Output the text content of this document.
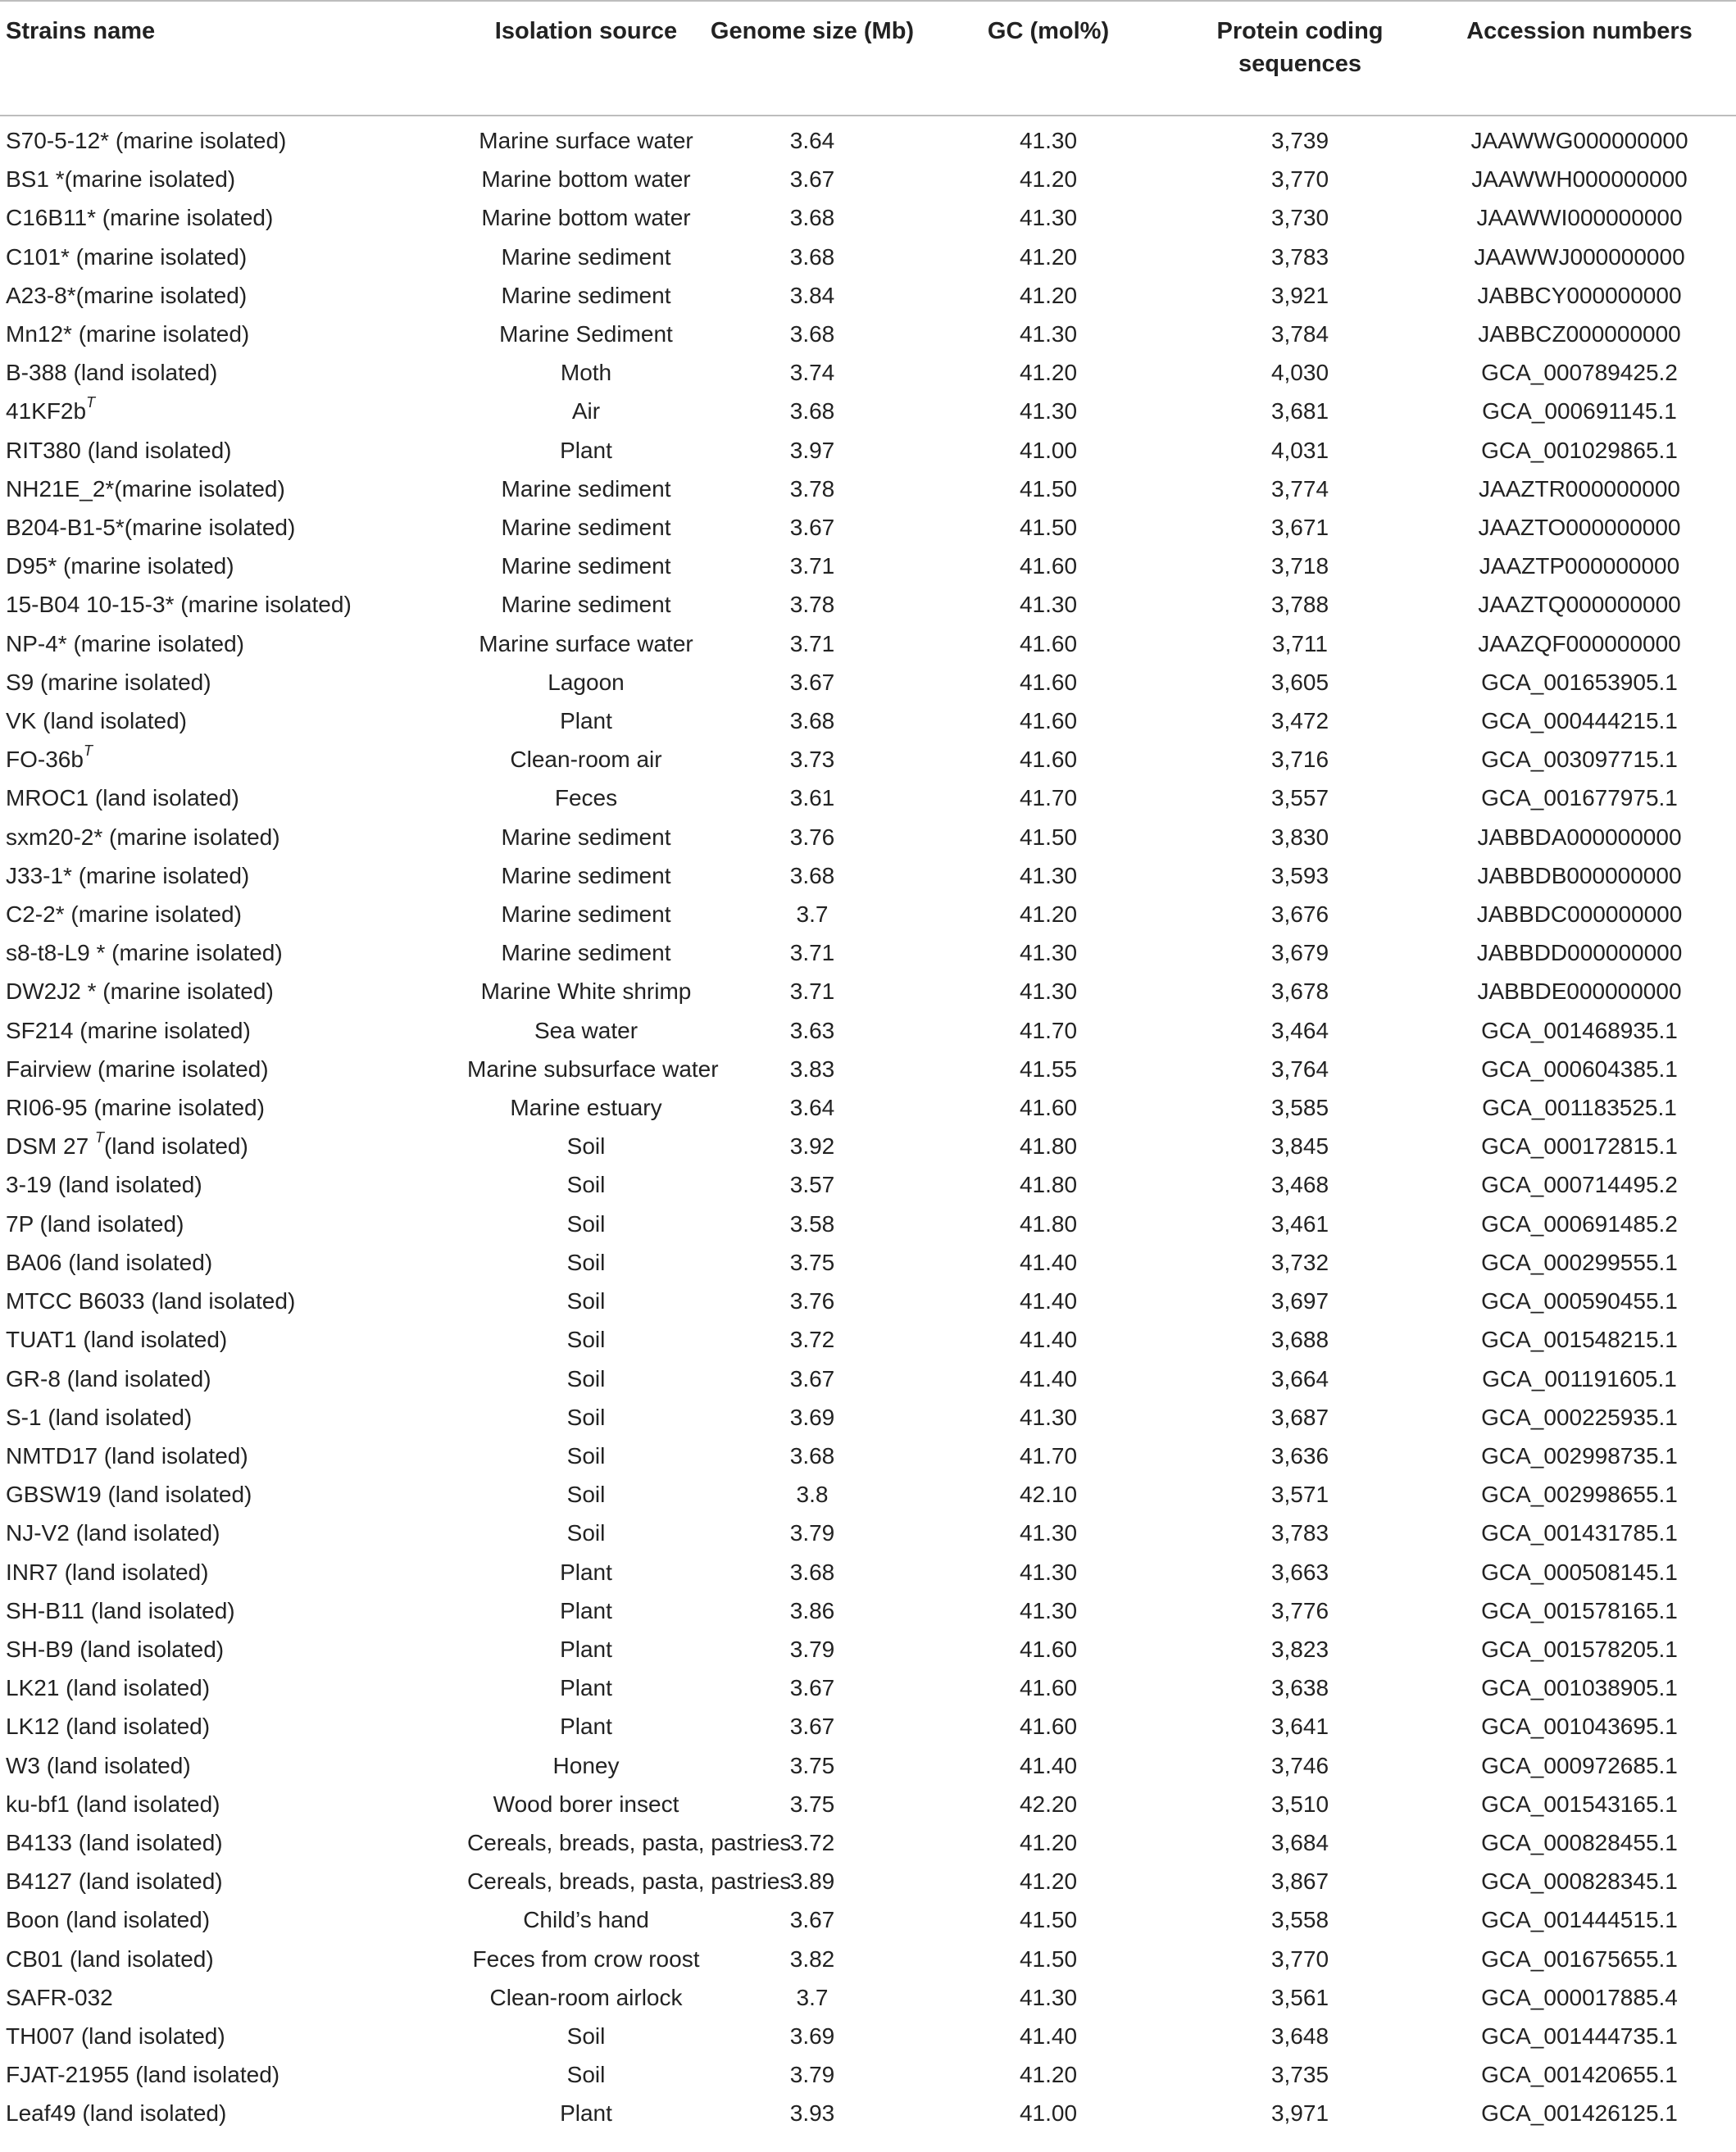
Strains name	Isolation source	Genome size (Mb)	GC (mol%)	Protein coding sequences	Accession numbers
S70-5-12* (marine isolated)	Marine surface water	3.64	41.30	3,739	JAAWWG000000000
BS1 *(marine isolated)	Marine bottom water	3.67	41.20	3,770	JAAWWH000000000
C16B11* (marine isolated)	Marine bottom water	3.68	41.30	3,730	JAAWWI000000000
C101* (marine isolated)	Marine sediment	3.68	41.20	3,783	JAAWWJ000000000
A23-8*(marine isolated)	Marine sediment	3.84	41.20	3,921	JABBCY000000000
Mn12* (marine isolated)	Marine Sediment	3.68	41.30	3,784	JABBCZ000000000
B-388 (land isolated)	Moth	3.74	41.20	4,030	GCA_000789425.2
$41KF2b^T$	Air	3.68	41.30	3,681	GCA_000691145.1
RIT380 (land isolated)	Plant	3.97	41.00	4,031	GCA_001029865.1
NH21E_2*(marine isolated)	Marine sediment	3.78	41.50	3,774	JAAZTR000000000
B204-B1-5*(marine isolated)	Marine sediment	3.67	41.50	3,671	JAAZTO000000000
D95* (marine isolated)	Marine sediment	3.71	41.60	3,718	JAAZTP000000000
15-B04 10-15-3* (marine isolated)	Marine sediment	3.78	41.30	3,788	JAAZTQ000000000
NP-4* (marine isolated)	Marine surface water	3.71	41.60	3,711	JAAZQF000000000
S9 (marine isolated)	Lagoon	3.67	41.60	3,605	GCA_001653905.1
VK (land isolated)	Plant	3.68	41.60	3,472	GCA_000444215.1
$FO-36b^T$	Clean-room air	3.73	41.60	3,716	GCA_003097715.1
MROC1 (land isolated)	Feces	3.61	41.70	3,557	GCA_001677975.1
sxm20-2* (marine isolated)	Marine sediment	3.76	41.50	3,830	JABBDA000000000
J33-1* (marine isolated)	Marine sediment	3.68	41.30	3,593	JABBDB000000000
C2-2* (marine isolated)	Marine sediment	3.7	41.20	3,676	JABBDC000000000
s8-t8-L9 * (marine isolated)	Marine sediment	3.71	41.30	3,679	JABBDD000000000
DW2J2 * (marine isolated)	Marine White shrimp	3.71	41.30	3,678	JABBDE000000000
SF214 (marine isolated)	Sea water	3.63	41.70	3,464	GCA_001468935.1
Fairview (marine isolated)	Marine subsurface water	3.83	41.55	3,764	GCA_000604385.1
RI06-95 (marine isolated)	Marine estuary	3.64	41.60	3,585	GCA_001183525.1
DSM 27 $^T$(land isolated)	Soil	3.92	41.80	3,845	GCA_000172815.1
3-19 (land isolated)	Soil	3.57	41.80	3,468	GCA_000714495.2
7P (land isolated)	Soil	3.58	41.80	3,461	GCA_000691485.2
BA06 (land isolated)	Soil	3.75	41.40	3,732	GCA_000299555.1
MTCC B6033 (land isolated)	Soil	3.76	41.40	3,697	GCA_000590455.1
TUAT1 (land isolated)	Soil	3.72	41.40	3,688	GCA_001548215.1
GR-8 (land isolated)	Soil	3.67	41.40	3,664	GCA_001191605.1
S-1 (land isolated)	Soil	3.69	41.30	3,687	GCA_000225935.1
NMTD17 (land isolated)	Soil	3.68	41.70	3,636	GCA_002998735.1
GBSW19 (land isolated)	Soil	3.8	42.10	3,571	GCA_002998655.1
NJ-V2 (land isolated)	Soil	3.79	41.30	3,783	GCA_001431785.1
INR7 (land isolated)	Plant	3.68	41.30	3,663	GCA_000508145.1
SH-B11 (land isolated)	Plant	3.86	41.30	3,776	GCA_001578165.1
SH-B9 (land isolated)	Plant	3.79	41.60	3,823	GCA_001578205.1
LK21 (land isolated)	Plant	3.67	41.60	3,638	GCA_001038905.1
LK12 (land isolated)	Plant	3.67	41.60	3,641	GCA_001043695.1
W3 (land isolated)	Honey	3.75	41.40	3,746	GCA_000972685.1
ku-bf1 (land isolated)	Wood borer insect	3.75	42.20	3,510	GCA_001543165.1
B4133 (land isolated)	Cereals, breads, pasta, pastries	3.72	41.20	3,684	GCA_000828455.1
B4127 (land isolated)	Cereals, breads, pasta, pastries	3.89	41.20	3,867	GCA_000828345.1
Boon (land isolated)	Child’s hand	3.67	41.50	3,558	GCA_001444515.1
CB01 (land isolated)	Feces from crow roost	3.82	41.50	3,770	GCA_001675655.1
SAFR-032	Clean-room airlock	3.7	41.30	3,561	GCA_000017885.4
TH007 (land isolated)	Soil	3.69	41.40	3,648	GCA_001444735.1
FJAT-21955 (land isolated)	Soil	3.79	41.20	3,735	GCA_001420655.1
Leaf49 (land isolated)	Plant	3.93	41.00	3,971	GCA_001426125.1
